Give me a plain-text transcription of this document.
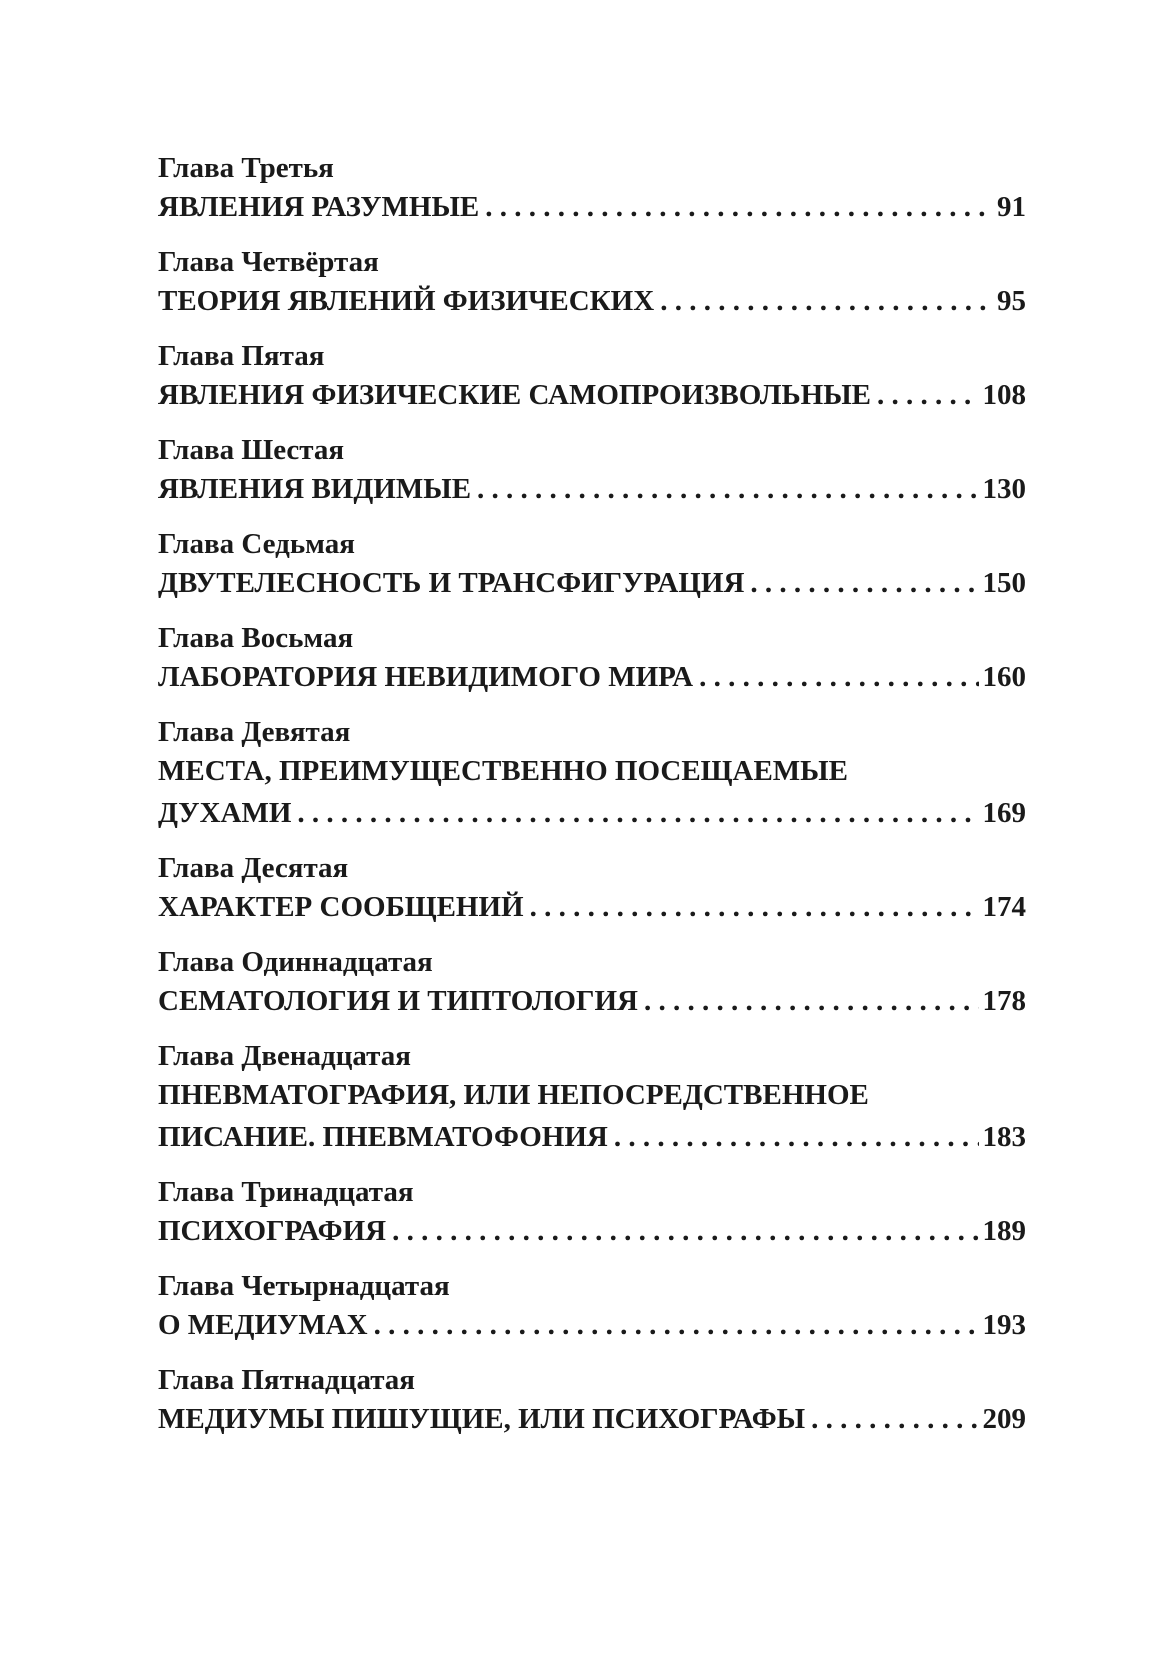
Глава Третья
ЯВЛЕНИЯ РАЗУМНЫЕ . . .	91
Глава Четвёртая
ТЕОРИЯ ЯВЛЕНИЙ ФИЗИЧЕСКИХ . . .	95
Глава Пятая
ЯВЛЕНИЯ ФИЗИЧЕСКИЕ САМОПРОИЗВОЛЬНЫЕ . . .	108
Глава Шестая
ЯВЛЕНИЯ ВИДИМЫЕ . . .	130
Глава Седьмая
ДВУТЕЛЕСНОСТЬ И ТРАНСФИГУРАЦИЯ . . .	150
Глава Восьмая
ЛАБОРАТОРИЯ НЕВИДИМОГО МИРА . . .	160
Глава Девятая
МЕСТА, ПРЕИМУЩЕСТВЕННО ПОСЕЩАЕМЫЕ
ДУХАМИ . . .	169
Глава Десятая
ХАРАКТЕР СООБЩЕНИЙ . . .	174
Глава Одиннадцатая
СЕМАТОЛОГИЯ И ТИПТОЛОГИЯ . . .	178
Глава Двенадцатая
ПНЕВМАТОГРАФИЯ, ИЛИ НЕПОСРЕДСТВЕННОЕ
ПИСАНИЕ. ПНЕВМАТОФОНИЯ . . .	183
Глава Тринадцатая
ПСИХОГРАФИЯ . . .	189
Глава Четырнадцатая
О МЕДИУМАХ . . .	193
Глава Пятнадцатая
МЕДИУМЫ ПИШУЩИЕ, ИЛИ ПСИХОГРАФЫ . . .	209
